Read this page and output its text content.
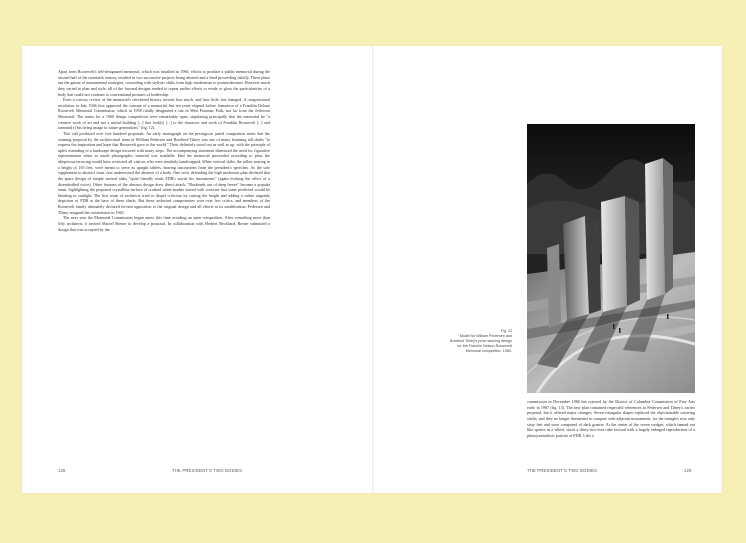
Apart from Roosevelt's self-designated memorial, which was installed in 1966, efforts to produce a public memorial during the second half of the twentieth century resulted in two successive projects being aborted and a third proceeding fitfully. These plans ran the gamut of monumental strategies, coinciding with stylistic shifts from high modernism to postmodernism. However much they varied in plan and style, all of the favored designs tended to repeat earlier efforts to evade or gloss the particularities of a body that could not conform to conventional postures of leadership.

Even a cursory review of the memorial's checkered history reveals how much, and how little, has changed. A congressional resolution in July 1946 first approved the concept of a memorial, but ten years elapsed before formation of a Franklin Delano Roosevelt Memorial Commission, which in 1958 finally designated a site in West Potomac Park, not far from the Jefferson Memorial. The terms for a 1960 design competition were remarkably open, stipulating principally that the memorial be "a creative work of art and not a useful building [...] that look[s] [...] to the character and work of Franklin Roosevelt [...] and transmit[s] his living image to future generations" (fig. 12).

This call produced over five hundred proposals. An early monograph on the prestigious juried competition notes that the winning proposal by the architectural team of William Pedersen and Bradford Tilney was one of many featuring tall shafts "to express the inspiration and hope that Roosevelt gave to the world." Their definitely stood out as well as up, with the principle of uplift extending to a landscape design terraced with many steps. The accompanying statement dismissed the need for figurative representation when so much photographic material was available. Had the memorial proceeded according to plan, the ubiquitous terracing would have restricted all visitors who were similarly handicapped. White vertical slabs, the tallest soaring to a height of 165 feet, were meant to serve as upright tablets, bearing inscriptions from the president's speeches. As the sole supplement to abstract form, text underscored the absence of a body. One critic defending the high modernist plan declared that the spare design of simple incised slabs "quite literally reads FDR's words his instruments" (again evoking the effect of a disembodied voice). Other features of the abstract design drew direct attack. "Bookends out of deep freeze" became a popular taunt, highlighting the proposed crystalline surface of crushed white marble mixed with concrete that some predicted would be blinding in sunlight. The first team of architects tried to dispel criticism by cutting the height and adding a rather ungainly depiction of FDR at the base of these shafts. But these awkward compromises won over few critics, and members of the Roosevelt family ultimately declared fervent opposition to the original design and all efforts at its modification. Pedersen and Tilney resigned the commission in 1965.

The next year the Memorial Commission began anew, this time avoiding an open competition. After consulting more than fifty architects, it invited Marcel Breuer to develop a proposal. In collaboration with Herbert Beckhard, Breuer submitted a design that was accepted by the

Fig. 12
Model for William Pedersen and
Bradford Tilney's prize-winning design
for the Franklin Delano Roosevelt
Memorial competition, 1960.

commission in December 1966 but rejected by the District of Columbia Commission of Fine Arts early in 1967 (fig. 13). The new plan contained respectful references to Pedersen and Tilney's earlier proposal, but it offered major changes. Seven triangular shapes replaced the objectionable towering shafts, and they no longer threatened to compete with adjacent monuments, for the triangles rose only sixty feet and were composed of dark granite. At the center of the seven wedges, which fanned out like spokes in a wheel, stood a thirty-two-foot cube incised with a hugely enlarged reproduction of a photojournalistic portrait of FDR. Like a

128	THE PRESIDENT'S TWO BODIES	THE PRESIDENT'S TWO BODIES	129
